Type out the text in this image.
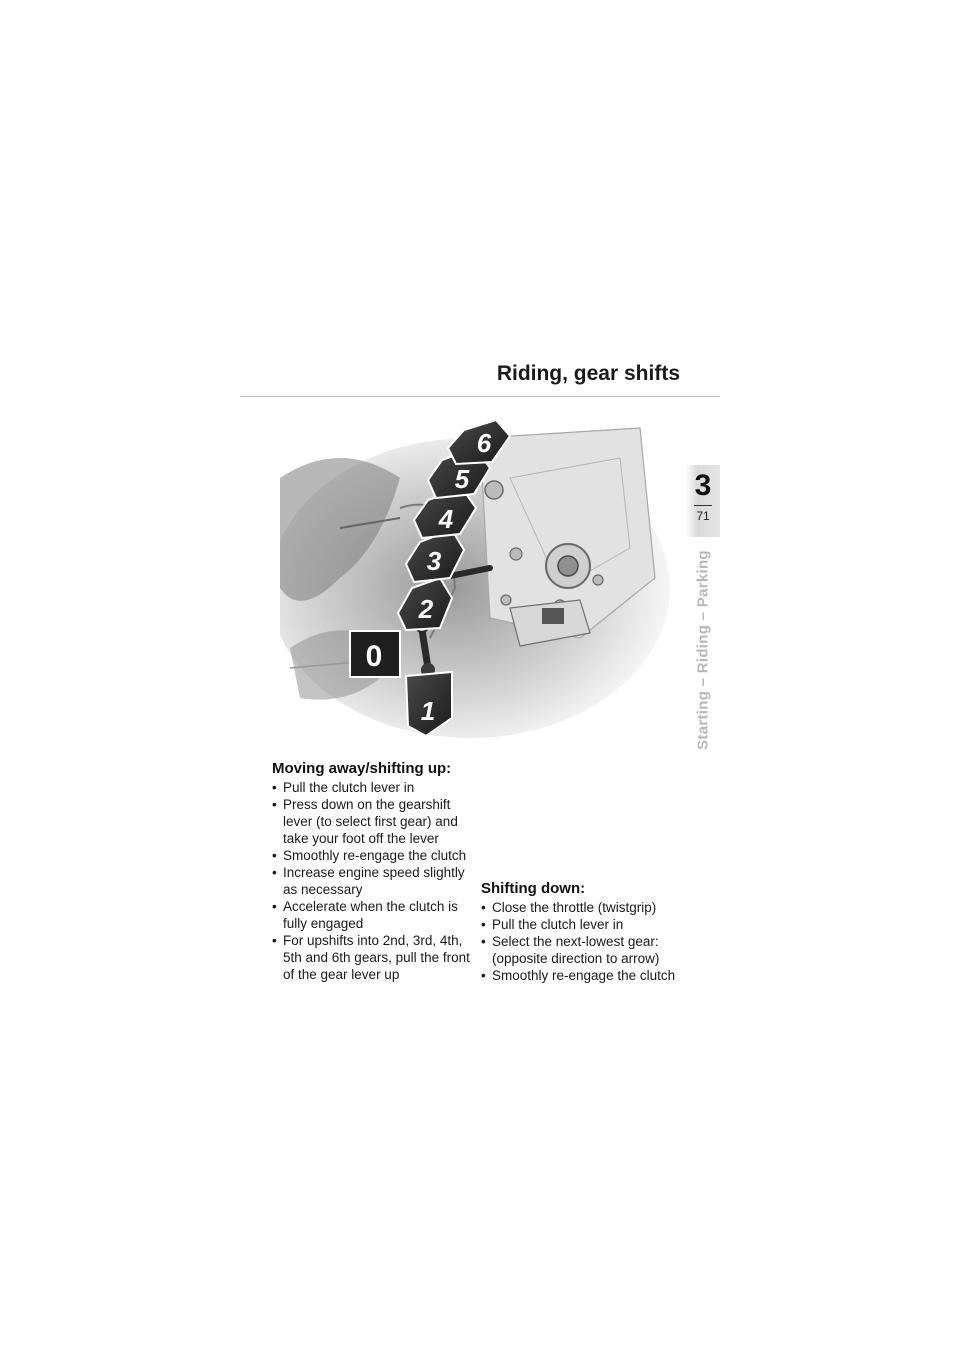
Riding, gear shifts
3
71
Starting – Riding – Parking
6
5
4
3
2
0
1
Moving away/shifting up:
• Pull the clutch lever in
• Press down on the gearshift lever (to select first gear) and take your foot off the lever
• Smoothly re-engage the clutch
• Increase engine speed slightly as necessary
• Accelerate when the clutch is fully engaged
• For upshifts into 2nd, 3rd, 4th, 5th and 6th gears, pull the front of the gear lever up
Shifting down:
• Close the throttle (twistgrip)
• Pull the clutch lever in
• Select the next-lowest gear: (opposite direction to arrow)
• Smoothly re-engage the clutch
